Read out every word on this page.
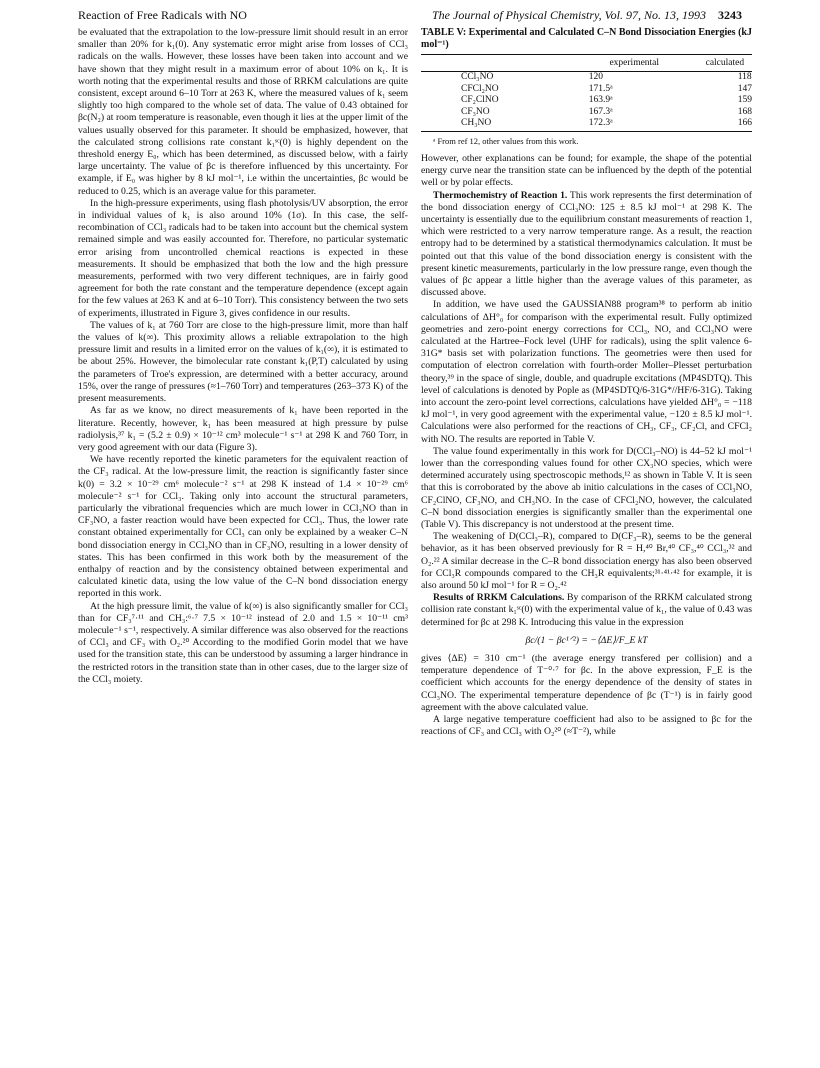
Reaction of Free Radicals with NO	The Journal of Physical Chemistry, Vol. 97, No. 13, 1993 3243

be evaluated that the extrapolation to the low-pressure limit should result in an error smaller than 20% for k₁(0). Any systematic error might arise from losses of CCl₃ radicals on the walls. However, these losses have been taken into account and we have shown that they might result in a maximum error of about 10% on k₁. It is worth noting that the experimental results and those of RRKM calculations are quite consistent, except around 6–10 Torr at 263 K, where the measured values of k₁ seem slightly too high compared to the whole set of data. The value of 0.43 obtained for βc(N₂) at room temperature is reasonable, even though it lies at the upper limit of the values usually observed for this parameter. It should be emphasized, however, that the calculated strong collisions rate constant k₁ˢᶜ(0) is highly dependent on the threshold energy E₀, which has been determined, as discussed below, with a fairly large uncertainty. The value of βc is therefore influenced by this uncertainty. For example, if E₀ was higher by 8 kJ mol⁻¹, i.e within the uncertainties, βc would be reduced to 0.25, which is an average value for this parameter.

In the high-pressure experiments, using flash photolysis/UV absorption, the error in individual values of k₁ is also around 10% (1σ). In this case, the self-recombination of CCl₃ radicals had to be taken into account but the chemical system remained simple and was easily accounted for. Therefore, no particular systematic error arising from uncontrolled chemical reactions is expected in these measurements. It should be emphasized that both the low and the high pressure measurements, performed with two very different techniques, are in fairly good agreement for both the rate constant and the temperature dependence (except again for the few values at 263 K and at 6–10 Torr). This consistency between the two sets of experiments, illustrated in Figure 3, gives confidence in our results.

The values of k₁ at 760 Torr are close to the high-pressure limit, more than half the values of k(∞). This proximity allows a reliable extrapolation to the high pressure limit and results in a limited error on the values of k₁(∞), it is estimated to be about 25%. However, the bimolecular rate constant k₁(P,T) calculated by using the parameters of Troe's expression, are determined with a better accuracy, around 15%, over the range of pressures (≈1–760 Torr) and temperatures (263–373 K) of the present measurements.

As far as we know, no direct measurements of k₁ have been reported in the literature. Recently, however, k₁ has been measured at high pressure by pulse radiolysis,³⁷ k₁ = (5.2 ± 0.9) × 10⁻¹² cm³ molecule⁻¹ s⁻¹ at 298 K and 760 Torr, in very good agreement with our data (Figure 3).

We have recently reported the kinetic parameters for the equivalent reaction of the CF₃ radical. At the low-pressure limit, the reaction is significantly faster since k(0) = 3.2 × 10⁻²⁹ cm⁶ molecule⁻² s⁻¹ at 298 K instead of 1.4 × 10⁻²⁹ cm⁶ molecule⁻² s⁻¹ for CCl₃. Taking only into account the structural parameters, particularly the vibrational frequencies which are much lower in CCl₃NO than in CF₃NO, a faster reaction would have been expected for CCl₃. Thus, the lower rate constant obtained experimentally for CCl₃ can only be explained by a weaker C–N bond dissociation energy in CCl₃NO than in CF₃NO, resulting in a lower density of states. This has been confirmed in this work both by the measurement of the enthalpy of reaction and by the consistency obtained between experimental and calculated kinetic data, using the low value of the C–N bond dissociation energy reported in this work.

At the high pressure limit, the value of k(∞) is also significantly smaller for CCl₃ than for CF₃⁷·¹¹ and CH₃:⁶·⁷ 7.5 × 10⁻¹² instead of 2.0 and 1.5 × 10⁻¹¹ cm³ molecule⁻¹ s⁻¹, respectively. A similar difference was also observed for the reactions of CCl₃ and CF₃ with O₂.²⁰ According to the modified Gorin model that we have used for the transition state, this can be understood by assuming a larger hindrance in the restricted rotors in the transition state than in other cases, due to the larger size of the CCl₃ moiety.

TABLE V: Experimental and Calculated C–N Bond Dissociation Energies (kJ mol⁻¹)
	experimental	calculated
CCl₃NO	120	118
CFCl₂NO	171.5ᵃ	147
CF₂ClNO	163.9ᵃ	159
CF₃NO	167.3ᵃ	168
CH₃NO	172.3ᵃ	166
ᵃ From ref 12, other values from this work.

However, other explanations can be found; for example, the shape of the potential energy curve near the transition state can be influenced by the depth of the potential well or by polar effects.

Thermochemistry of Reaction 1. This work represents the first determination of the bond dissociation energy of CCl₃NO: 125 ± 8.5 kJ mol⁻¹ at 298 K. The uncertainty is essentially due to the equilibrium constant measurements of reaction 1, which were restricted to a very narrow temperature range. As a result, the reaction entropy had to be determined by a statistical thermodynamics calculation. It must be pointed out that this value of the bond dissociation energy is consistent with the present kinetic measurements, particularly in the low pressure range, even though the values of βc appear a little higher than the average values of this parameter, as discussed above.

In addition, we have used the GAUSSIAN88 program³⁸ to perform ab initio calculations of ΔH°₀ for comparison with the experimental result. Fully optimized geometries and zero-point energy corrections for CCl₃, NO, and CCl₃NO were calculated at the Hartree–Fock level (UHF for radicals), using the split valence 6-31G* basis set with polarization functions. The geometries were then used for computation of electron correlation with fourth-order Moller–Plesset perturbation theory,³⁹ in the space of single, double, and quadruple excitations (MP4SDTQ). This level of calculations is denoted by Pople as (MP4SDTQ/6-31G*//HF/6-31G). Taking into account the zero-point level corrections, calculations have yielded ΔH°₀ = −118 kJ mol⁻¹, in very good agreement with the experimental value, −120 ± 8.5 kJ mol⁻¹. Calculations were also performed for the reactions of CH₃, CF₃, CF₂Cl, and CFCl₂ with NO. The results are reported in Table V.

The value found experimentally in this work for D(CCl₃–NO) is 44–52 kJ mol⁻¹ lower than the corresponding values found for other CX₃NO species, which were determined accurately using spectroscopic methods,¹² as shown in Table V. It is seen that this is corroborated by the above ab initio calculations in the cases of CCl₃NO, CF₂ClNO, CF₃NO, and CH₃NO. In the case of CFCl₂NO, however, the calculated C–N bond dissociation energies is significantly smaller than the experimental one (Table V). This discrepancy is not understood at the present time.

The weakening of D(CCl₃–R), compared to D(CF₃–R), seems to be the general behavior, as it has been observed previously for R = H,⁴⁰ Br,⁴⁰ CF₃,⁴⁰ CCl₃,³² and O₂.²² A similar decrease in the C–R bond dissociation energy has also been observed for CCl₃R compounds compared to the CH₃R equivalents;³¹·⁴¹·⁴² for example, it is also around 50 kJ mol⁻¹ for R = O₂.⁴²

Results of RRKM Calculations. By comparison of the RRKM calculated strong collision rate constant k₁ˢᶜ(0) with the experimental value of k₁, the value of 0.43 was determined for βc at 298 K. Introducing this value in the expression

βc/(1 − βc¹ᐟ²) = −⟨ΔE⟩/F_E kT

gives ⟨ΔE⟩ = 310 cm⁻¹ (the average energy transfered per collision) and a temperature dependence of T⁻⁰·⁷ for βc. In the above expression, F_E is the coefficient which accounts for the energy dependence of the density of states in CCl₃NO. The experimental temperature dependence of βc (T⁻¹) is in fairly good agreement with the above calculated value.

A large negative temperature coefficient had also to be assigned to βc for the reactions of CF₃ and CCl₃ with O₂²⁰ (≈T⁻²), while
